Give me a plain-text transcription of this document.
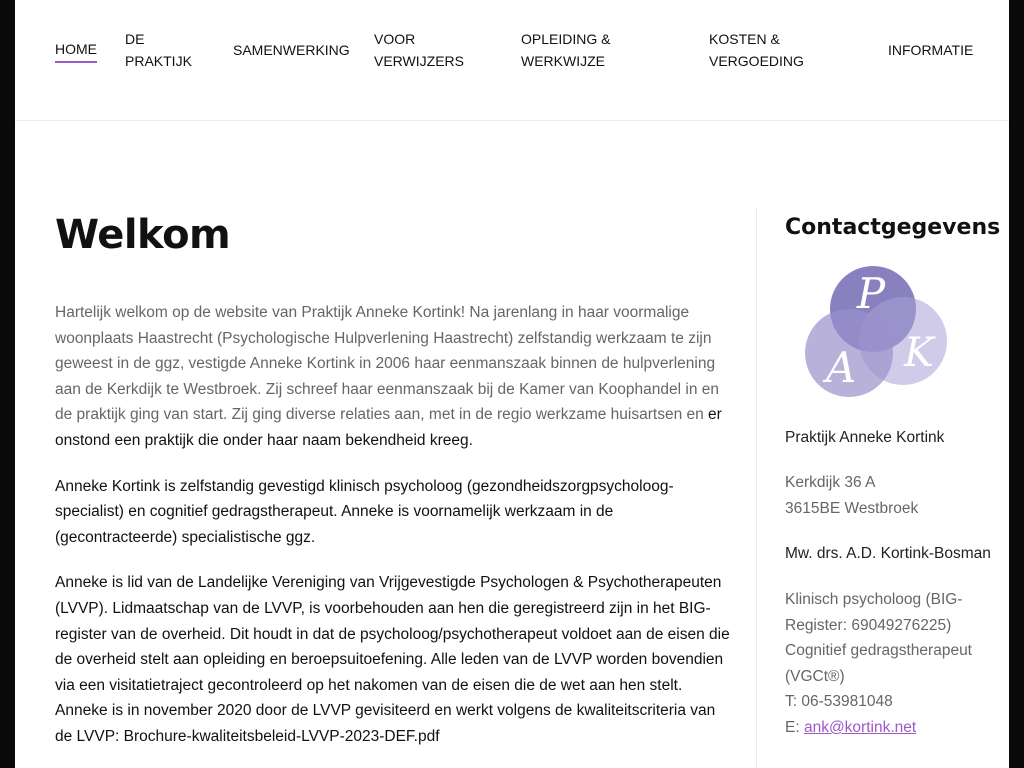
HOME
DE PRAKTIJK
SAMENWERKING
VOOR VERWIJZERS
OPLEIDING & WERKWIJZE
KOSTEN & VERGOEDING
INFORMATIE
Welkom

Hartelijk welkom op de website van Praktijk Anneke Kortink! Na jarenlang in haar voormalige woonplaats Haastrecht (Psychologische Hulpverlening Haastrecht) zelfstandig werkzaam te zijn geweest in de ggz, vestigde Anneke Kortink in 2006 haar eenmanszaak binnen de hulpverlening aan de Kerkdijk te Westbroek. Zij schreef haar eenmanszaak bij de Kamer van Koophandel in en de praktijk ging van start. Zij ging diverse relaties aan, met in de regio werkzame huisartsen en er onstond een praktijk die onder haar naam bekendheid kreeg.

Anneke Kortink is zelfstandig gevestigd klinisch psycholoog (gezondheidszorgpsycholoog-specialist) en cognitief gedragstherapeut. Anneke is voornamelijk werkzaam in de (gecontracteerde) specialistische ggz.

Anneke is lid van de Landelijke Vereniging van Vrijgevestigde Psychologen & Psychotherapeuten (LVVP). Lidmaatschap van de LVVP, is voorbehouden aan hen die geregistreerd zijn in het BIG-register van de overheid. Dit houdt in dat de psycholoog/psychotherapeut voldoet aan de eisen die de overheid stelt aan opleiding en beroepsuitoefening. Alle leden van de LVVP worden bovendien via een visitatietraject gecontroleerd op het nakomen van de eisen die de wet aan hen stelt. Anneke is in november 2020 door de LVVP gevisiteerd en werkt volgens de kwaliteitscriteria van de LVVP: Brochure-kwaliteitsbeleid-LVVP-2023-DEF.pdf

Contactgegevens
P
A K

Praktijk Anneke Kortink

Kerkdijk 36 A
3615BE Westbroek

Mw. drs. A.D. Kortink-Bosman

Klinisch psycholoog (BIG-Register: 69049276225)
Cognitief gedragstherapeut (VGCt®)
T: 06-53981048
E: ank@kortink.net
